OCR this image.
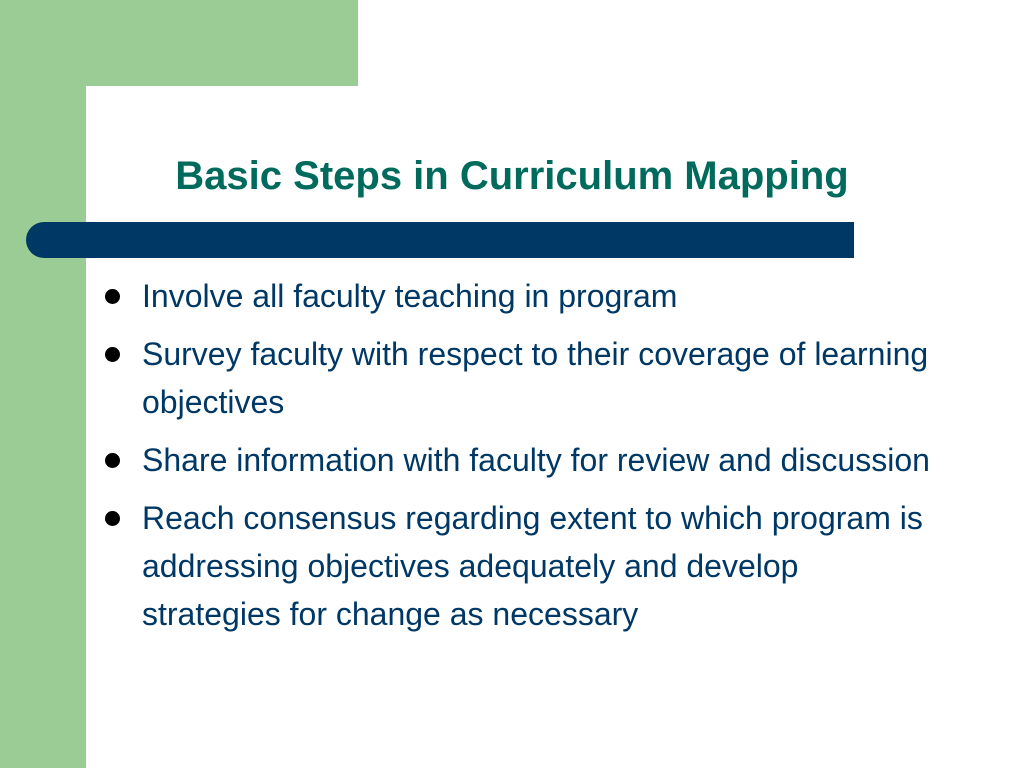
Basic Steps in Curriculum Mapping
Involve all faculty teaching in program
Survey faculty with respect to their coverage of learning objectives
Share information with faculty for review and discussion
Reach consensus regarding extent to which program is addressing objectives adequately and develop strategies for change as necessary
